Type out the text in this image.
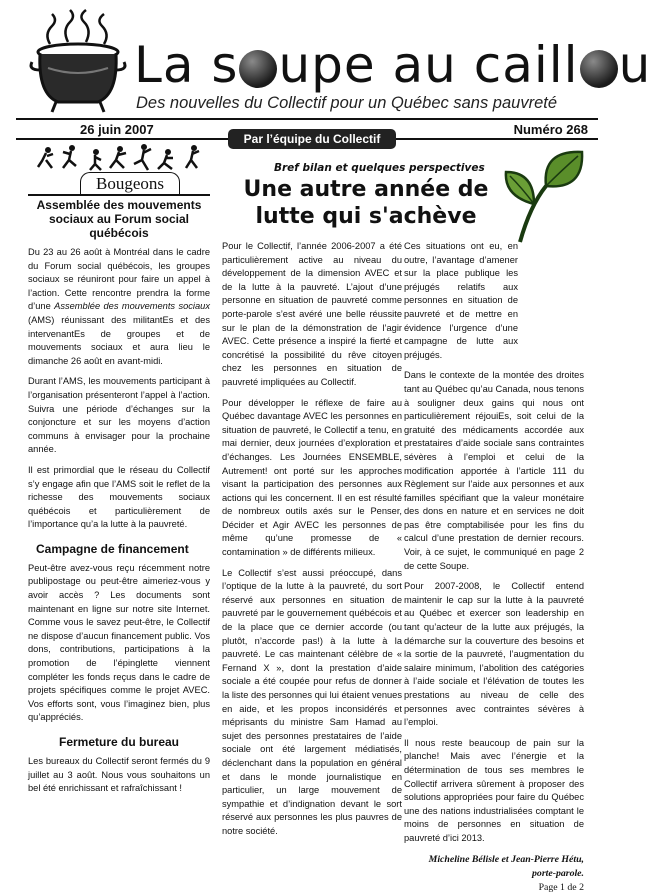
La s upe au caill u
Des nouvelles du Collectif pour un Québec sans pauvreté
26 juin 2007	Numéro 268
Par l’équipe du Collectif
Bougeons
Assemblée des mouvements sociaux au Forum social québécois
Du 23 au 26 août à Montréal dans le cadre du Forum social québécois, les groupes sociaux se réuniront pour faire un appel à l’action. Cette rencontre prendra la forme d’une Assemblée des mouvements sociaux (AMS) réunissant des militantEs et des intervenantEs de groupes et de mouvements sociaux et aura lieu le dimanche 26 août en avant-midi.
Durant l’AMS, les mouvements participant à l’organisation présenteront l’appel à l’action. Suivra une période d’échanges sur la conjoncture et sur les moyens d’action communs à envisager pour la prochaine année.
Il est primordial que le réseau du Collectif s’y engage afin que l’AMS soit le reflet de la richesse des mouvements sociaux québécois et particulièrement de l’importance qu’a la lutte à la pauvreté.
Campagne de financement
Peut-être avez-vous reçu récemment notre publipostage ou peut-être aimeriez-vous y avoir accès ? Les documents sont maintenant en ligne sur notre site Internet. Comme vous le savez peut-être, le Collectif ne dispose d’aucun financement public. Vos dons, contributions, participations à la promotion de l’épinglette viennent compléter les fonds reçus dans le cadre de projets spécifiques comme le projet AVEC. Vos efforts sont, vous l’imaginez bien, plus qu’appréciés.
Fermeture du bureau
Les bureaux du Collectif seront fermés du 9 juillet au 3 août. Nous vous souhaitons un bel été enrichissant et rafraîchissant !
Bref bilan et quelques perspectives
Une autre année de lutte qui s'achève
Pour le Collectif, l’année 2006-2007 a été particulièrement active au niveau du développement de la dimension AVEC et de la lutte à la pauvreté. L’ajout d’une personne en situation de pauvreté comme porte-parole s’est avéré une belle réussite sur le plan de la démonstration de l’agir AVEC. Cette présence a inspiré la fierté et concrétisé la possibilité du rêve citoyen chez les personnes en situation de pauvreté impliquées au Collectif.
Pour développer le réflexe de faire au Québec davantage AVEC les personnes en situation de pauvreté, le Collectif a tenu, en mai dernier, deux journées d’exploration et d’échanges. Les Journées ENSEMBLE, Autrement! ont porté sur les approches visant la participation des personnes aux actions qui les concernent. Il en est résulté de nombreux outils axés sur le Penser, Décider et Agir AVEC les personnes de même qu’une promesse de « contamination » de différents milieux.
Le Collectif s’est aussi préoccupé, dans l’optique de la lutte à la pauvreté, du sort réservé aux personnes en situation de pauvreté par le gouvernement québécois et de la place que ce dernier accorde (ou plutôt, n’accorde pas!) à la lutte à la pauvreté. Le cas maintenant célèbre de « Fernand X », dont la prestation d’aide sociale a été coupée pour refus de donner la liste des personnes qui lui étaient venues en aide, et les propos inconsidérés et méprisants du ministre Sam Hamad au sujet des personnes prestataires de l’aide sociale ont été largement médiatisés, déclenchant dans la population en général et dans le monde journalistique en particulier, un large mouvement de sympathie et d’indignation devant le sort réservé aux personnes les plus pauvres de notre société.
Ces situations ont eu, en outre, l’avantage d’amener sur la place publique les préjugés relatifs aux personnes en situation de pauvreté et de mettre en évidence l’urgence d’une campagne de lutte aux préjugés.
Dans le contexte de la montée des droites tant au Québec qu’au Canada, nous tenons à souligner deux gains qui nous ont particulièrement réjouiEs, soit celui de la gratuité des médicaments accordée aux prestataires d’aide sociale sans contraintes sévères à l’emploi et celui de la modification apportée à l’article 111 du Règlement sur l’aide aux personnes et aux familles spécifiant que la valeur monétaire des dons en nature et en services ne doit pas être comptabilisée pour les fins du calcul d’une prestation de dernier recours. Voir, à ce sujet, le communiqué en page 2 de cette Soupe.
Pour 2007-2008, le Collectif entend maintenir le cap sur la lutte à la pauvreté au Québec et exercer son leadership en tant qu’acteur de la lutte aux préjugés, la démarche sur la couverture des besoins et la sortie de la pauvreté, l’augmentation du salaire minimum, l’abolition des catégories à l’aide sociale et l’élévation de toutes les prestations au niveau de celle des personnes avec contraintes sévères à l’emploi.
Il nous reste beaucoup de pain sur la planche! Mais avec l’énergie et la détermination de tous ses membres le Collectif arrivera sûrement à proposer des solutions appropriées pour faire du Québec une des nations industrialisées comptant le moins de personnes en situation de pauvreté d’ici 2013.
Micheline Bélisle et Jean-Pierre Hétu,
porte-parole.
Page 1 de 2
